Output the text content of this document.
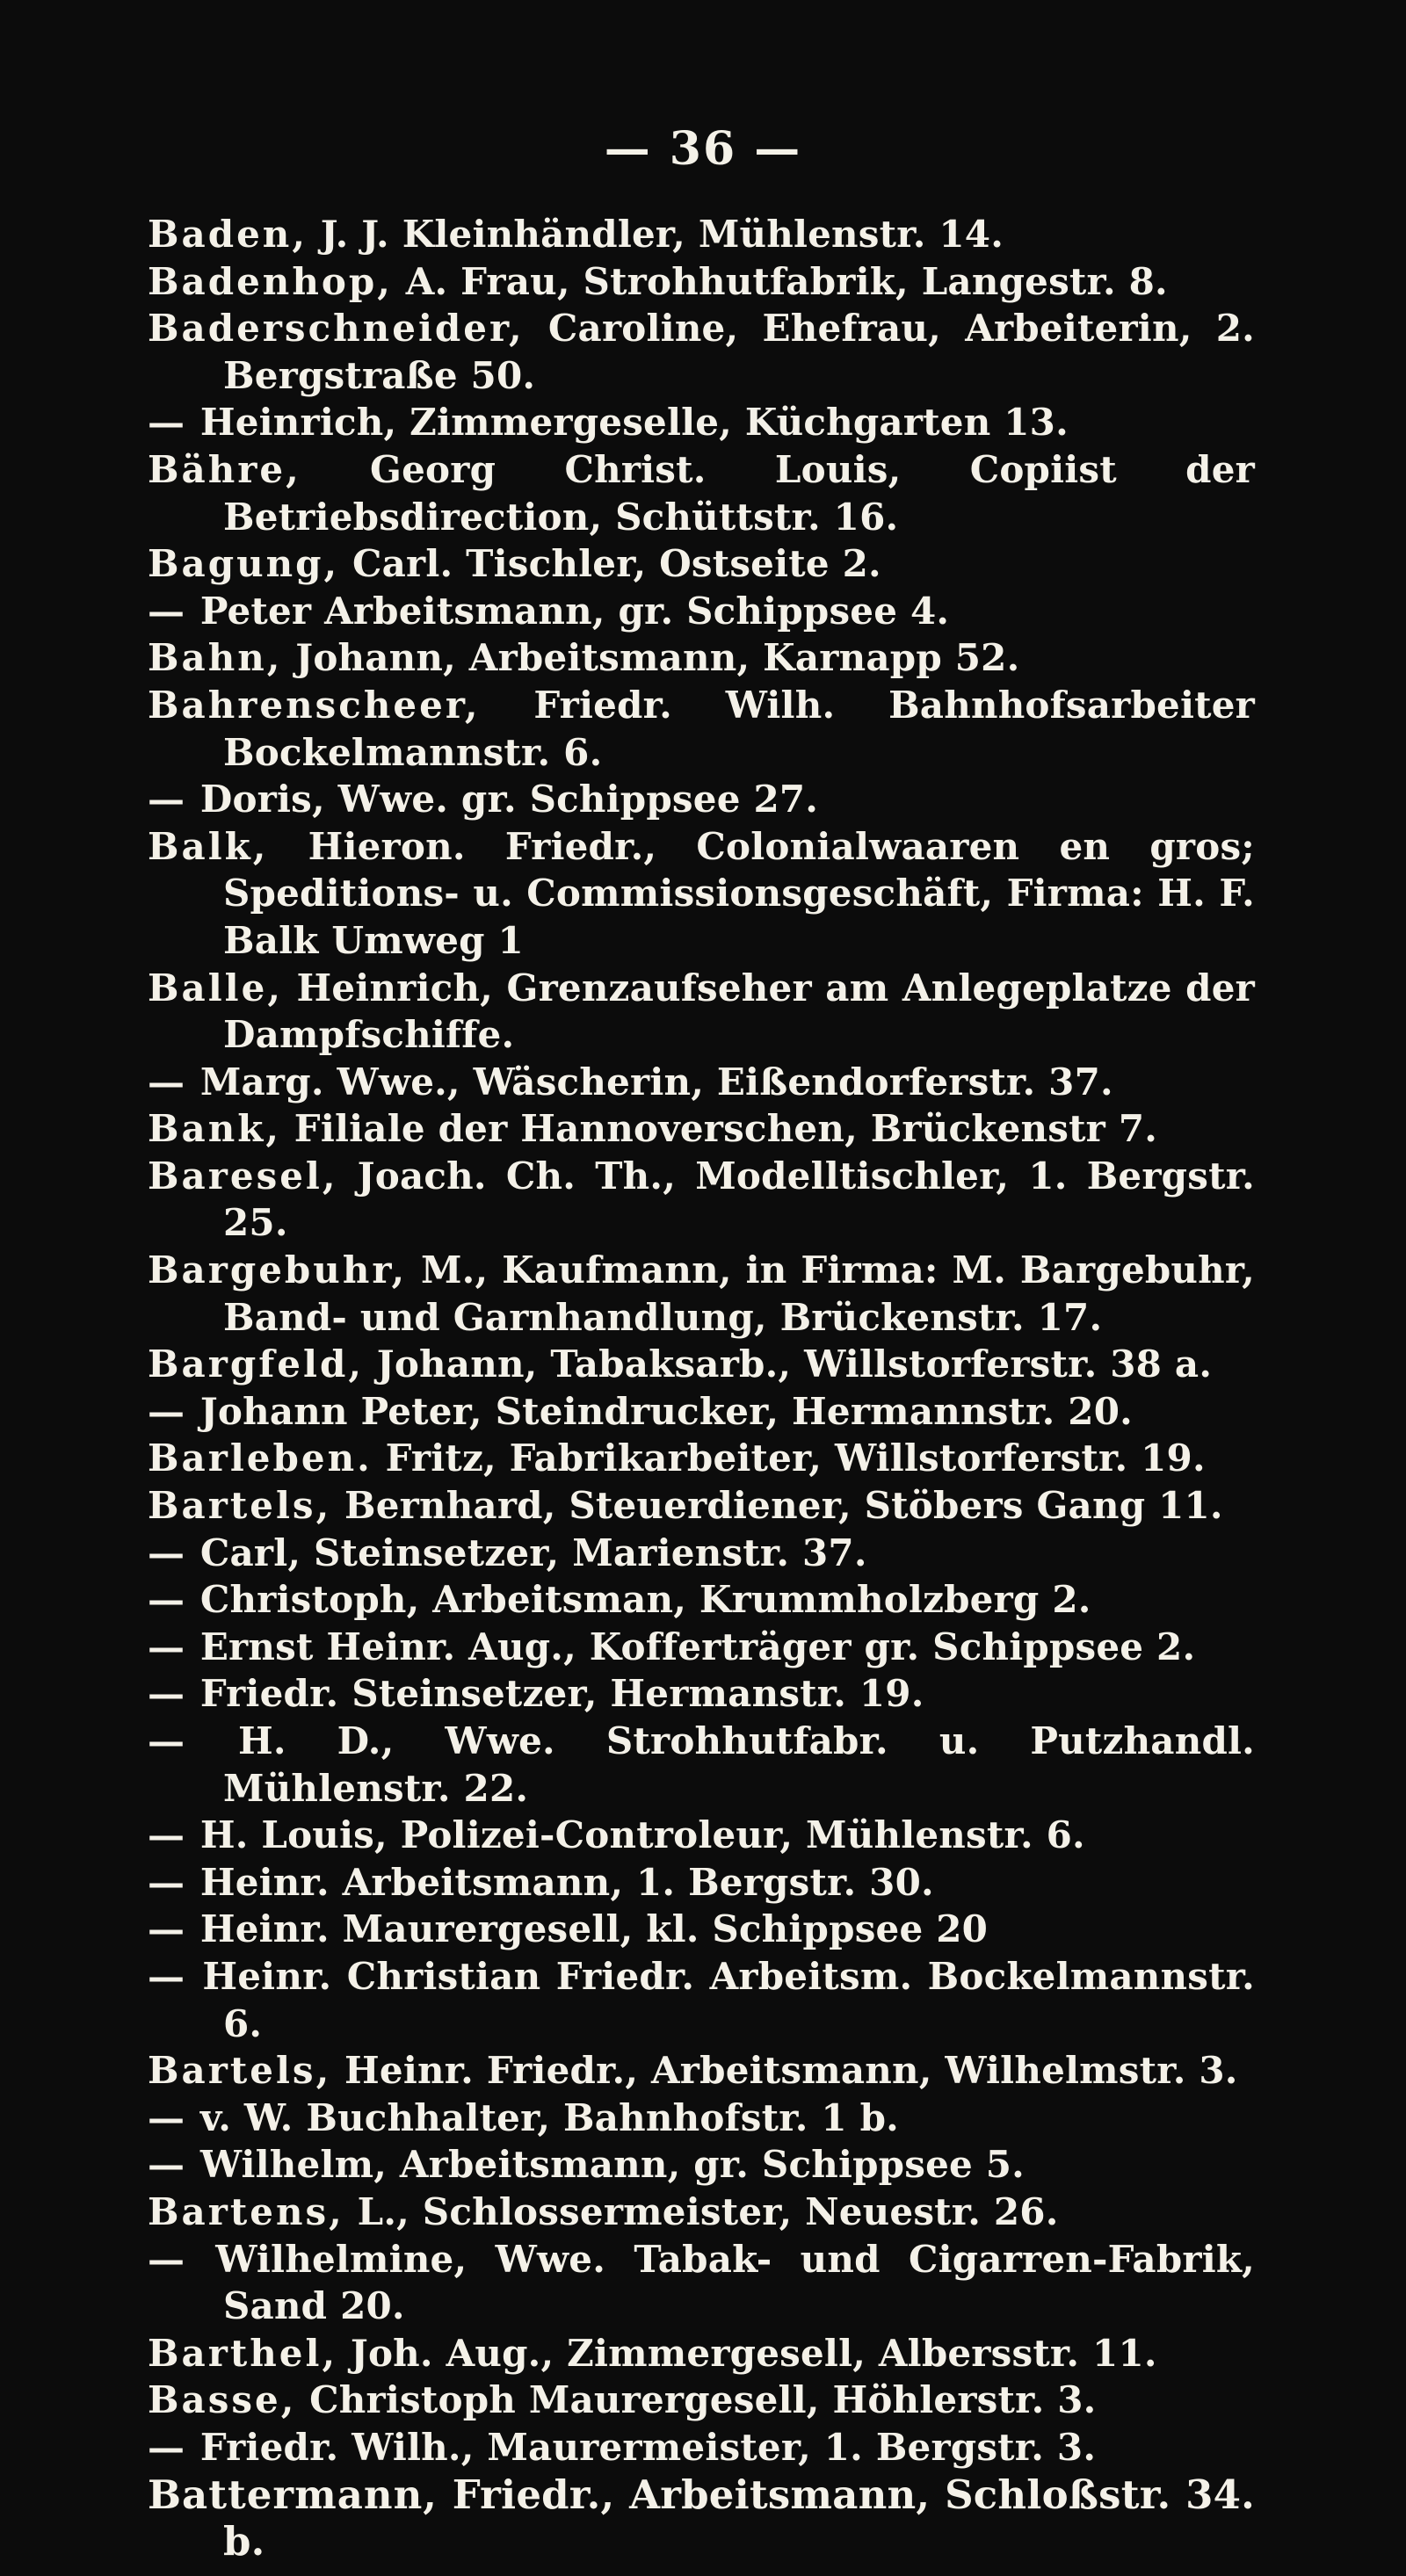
— 36 —
Baden, J. J. Kleinhändler, Mühlenstr. 14.
Badenhop, A. Frau, Strohhutfabrik, Langestr. 8.
Baderschneider, Caroline, Ehefrau, Arbeiterin, 2. Bergstraße 50.
— Heinrich, Zimmergeselle, Küchgarten 13.
Bähre, Georg Christ. Louis, Copiist der Betriebsdirection, Schüttstr. 16.
Bagung, Carl. Tischler, Ostseite 2.
— Peter Arbeitsmann, gr. Schippsee 4.
Bahn, Johann, Arbeitsmann, Karnapp 52.
Bahrenscheer, Friedr. Wilh. Bahnhofsarbeiter Bockelmannstr. 6.
— Doris, Wwe. gr. Schippsee 27.
Balk, Hieron. Friedr., Colonialwaaren en gros; Speditions- u. Commissionsgeschäft, Firma: H. F. Balk Umweg 1
Balle, Heinrich, Grenzaufseher am Anlegeplatze der Dampfschiffe.
— Marg. Wwe., Wäscherin, Eißendorferstr. 37.
Bank, Filiale der Hannoverschen, Brückenstr 7.
Baresel, Joach. Ch. Th., Modelltischler, 1. Bergstr. 25.
Bargebuhr, M., Kaufmann, in Firma: M. Bargebuhr, Band- und Garnhandlung, Brückenstr. 17.
Bargfeld, Johann, Tabaksarb., Willstorferstr. 38 a.
— Johann Peter, Steindrucker, Hermannstr. 20.
Barleben. Fritz, Fabrikarbeiter, Willstorferstr. 19.
Bartels, Bernhard, Steuerdiener, Stöbers Gang 11.
— Carl, Steinsetzer, Marienstr. 37.
— Christoph, Arbeitsman, Krummholzberg 2.
— Ernst Heinr. Aug., Kofferträger gr. Schippsee 2.
— Friedr. Steinsetzer, Hermanstr. 19.
— H. D., Wwe. Strohhutfabr. u. Putzhandl. Mühlenstr. 22.
— H. Louis, Polizei-Controleur, Mühlenstr. 6.
— Heinr. Arbeitsmann, 1. Bergstr. 30.
— Heinr. Maurergesell, kl. Schippsee 20
— Heinr. Christian Friedr. Arbeitsm. Bockelmannstr. 6.
Bartels, Heinr. Friedr., Arbeitsmann, Wilhelmstr. 3.
— v. W. Buchhalter, Bahnhofstr. 1 b.
— Wilhelm, Arbeitsmann, gr. Schippsee 5.
Bartens, L., Schlossermeister, Neuestr. 26.
— Wilhelmine, Wwe. Tabak- und Cigarren-Fabrik, Sand 20.
Barthel, Joh. Aug., Zimmergesell, Albersstr. 11.
Basse, Christoph Maurergesell, Höhlerstr. 3.
— Friedr. Wilh., Maurermeister, 1. Bergstr. 3.
Battermann, Friedr., Arbeitsmann, Schloßstr. 34. b.
